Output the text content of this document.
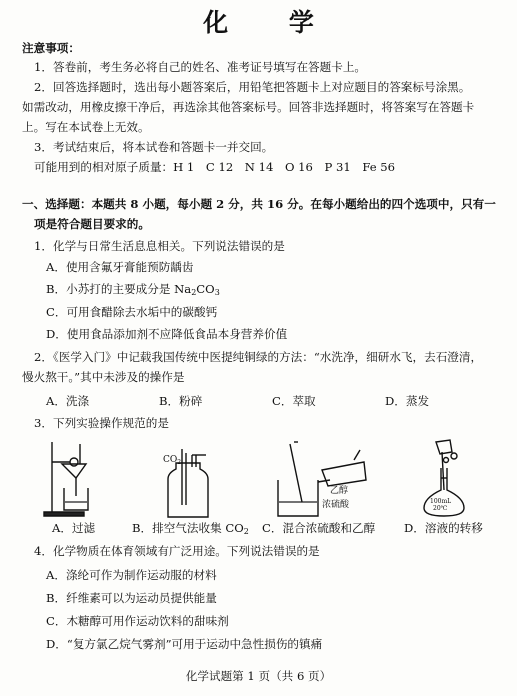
化 学
注意事项：
1．答卷前，考生务必将自己的姓名、准考证号填写在答题卡上。
2．回答选择题时，选出每小题答案后，用铅笔把答题卡上对应题目的答案标号涂黑。
如需改动，用橡皮擦干净后，再选涂其他答案标号。回答非选择题时，将答案写在答题卡
上。写在本试卷上无效。
3．考试结束后，将本试卷和答题卡一并交回。
可能用到的相对原子质量：H 1　C 12　N 14　O 16　P 31　Fe 56
一、选择题：本题共 8 小题，每小题 2 分，共 16 分。在每小题给出的四个选项中，只有一
项是符合题目要求的。
1．化学与日常生活息息相关。下列说法错误的是
A．使用含氟牙膏能预防龋齿
B．小苏打的主要成分是 $Na_2CO_3$
C．可用食醋除去水垢中的碳酸钙
D．使用食品添加剂不应降低食品本身营养价值
2．《医学入门》中记载我国传统中医提纯铜绿的方法：“水洗净，细研水飞，去石澄清，
慢火熬干。”其中未涉及的操作是
A．洗涤	B．粉碎	C．萃取	D．蒸发
3．下列实验操作规范的是
$CO_2$
乙醇
浓硫酸	100mL
20℃
A．过滤	B．排空气法收集 $CO_2$ C．混合浓硫酸和乙醇 D．溶液的转移
4．化学物质在体育领域有广泛用途。下列说法错误的是
A．涤纶可作为制作运动服的材料
B．纤维素可以为运动员提供能量
C．木糖醇可用作运动饮料的甜味剂
D．“复方氯乙烷气雾剂”可用于运动中急性损伤的镇痛
化学试题第 1 页（共 6 页）
